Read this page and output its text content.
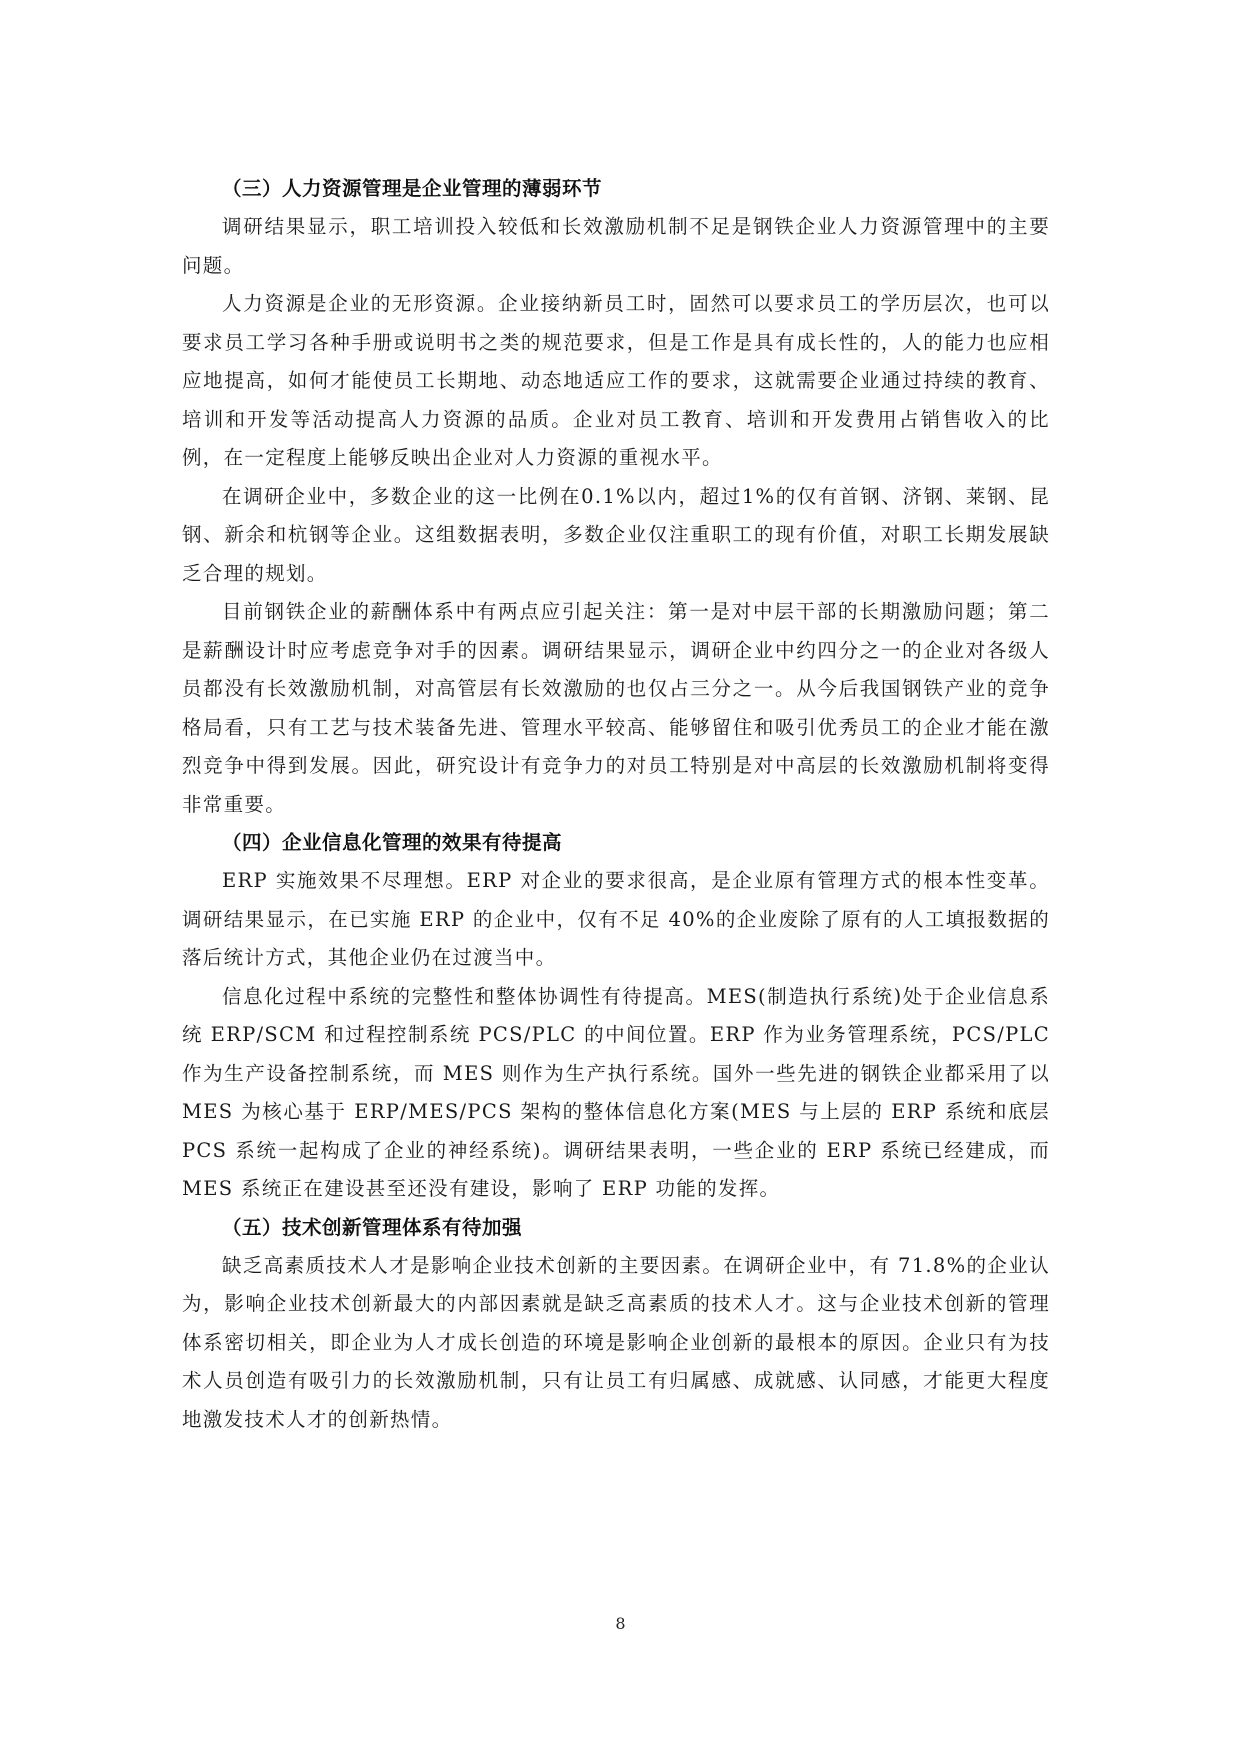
（三）人力资源管理是企业管理的薄弱环节

调研结果显示，职工培训投入较低和长效激励机制不足是钢铁企业人力资源管理中的主要问题。

人力资源是企业的无形资源。企业接纳新员工时，固然可以要求员工的学历层次，也可以要求员工学习各种手册或说明书之类的规范要求，但是工作是具有成长性的，人的能力也应相应地提高，如何才能使员工长期地、动态地适应工作的要求，这就需要企业通过持续的教育、培训和开发等活动提高人力资源的品质。企业对员工教育、培训和开发费用占销售收入的比例，在一定程度上能够反映出企业对人力资源的重视水平。

在调研企业中，多数企业的这一比例在0.1%以内，超过1%的仅有首钢、济钢、莱钢、昆钢、新余和杭钢等企业。这组数据表明，多数企业仅注重职工的现有价值，对职工长期发展缺乏合理的规划。

目前钢铁企业的薪酬体系中有两点应引起关注：第一是对中层干部的长期激励问题；第二是薪酬设计时应考虑竞争对手的因素。调研结果显示，调研企业中约四分之一的企业对各级人员都没有长效激励机制，对高管层有长效激励的也仅占三分之一。从今后我国钢铁产业的竞争格局看，只有工艺与技术装备先进、管理水平较高、能够留住和吸引优秀员工的企业才能在激烈竞争中得到发展。因此，研究设计有竞争力的对员工特别是对中高层的长效激励机制将变得非常重要。

（四）企业信息化管理的效果有待提高

ERP 实施效果不尽理想。ERP 对企业的要求很高，是企业原有管理方式的根本性变革。调研结果显示，在已实施 ERP 的企业中，仅有不足 40%的企业废除了原有的人工填报数据的落后统计方式，其他企业仍在过渡当中。

信息化过程中系统的完整性和整体协调性有待提高。MES(制造执行系统)处于企业信息系统 ERP/SCM 和过程控制系统 PCS/PLC 的中间位置。ERP 作为业务管理系统，PCS/PLC 作为生产设备控制系统，而 MES 则作为生产执行系统。国外一些先进的钢铁企业都采用了以 MES 为核心基于 ERP/MES/PCS 架构的整体信息化方案(MES 与上层的 ERP 系统和底层 PCS 系统一起构成了企业的神经系统)。调研结果表明，一些企业的 ERP 系统已经建成，而 MES 系统正在建设甚至还没有建设，影响了 ERP 功能的发挥。

（五）技术创新管理体系有待加强

缺乏高素质技术人才是影响企业技术创新的主要因素。在调研企业中，有 71.8%的企业认为，影响企业技术创新最大的内部因素就是缺乏高素质的技术人才。这与企业技术创新的管理体系密切相关，即企业为人才成长创造的环境是影响企业创新的最根本的原因。企业只有为技术人员创造有吸引力的长效激励机制，只有让员工有归属感、成就感、认同感，才能更大程度地激发技术人才的创新热情。

8
